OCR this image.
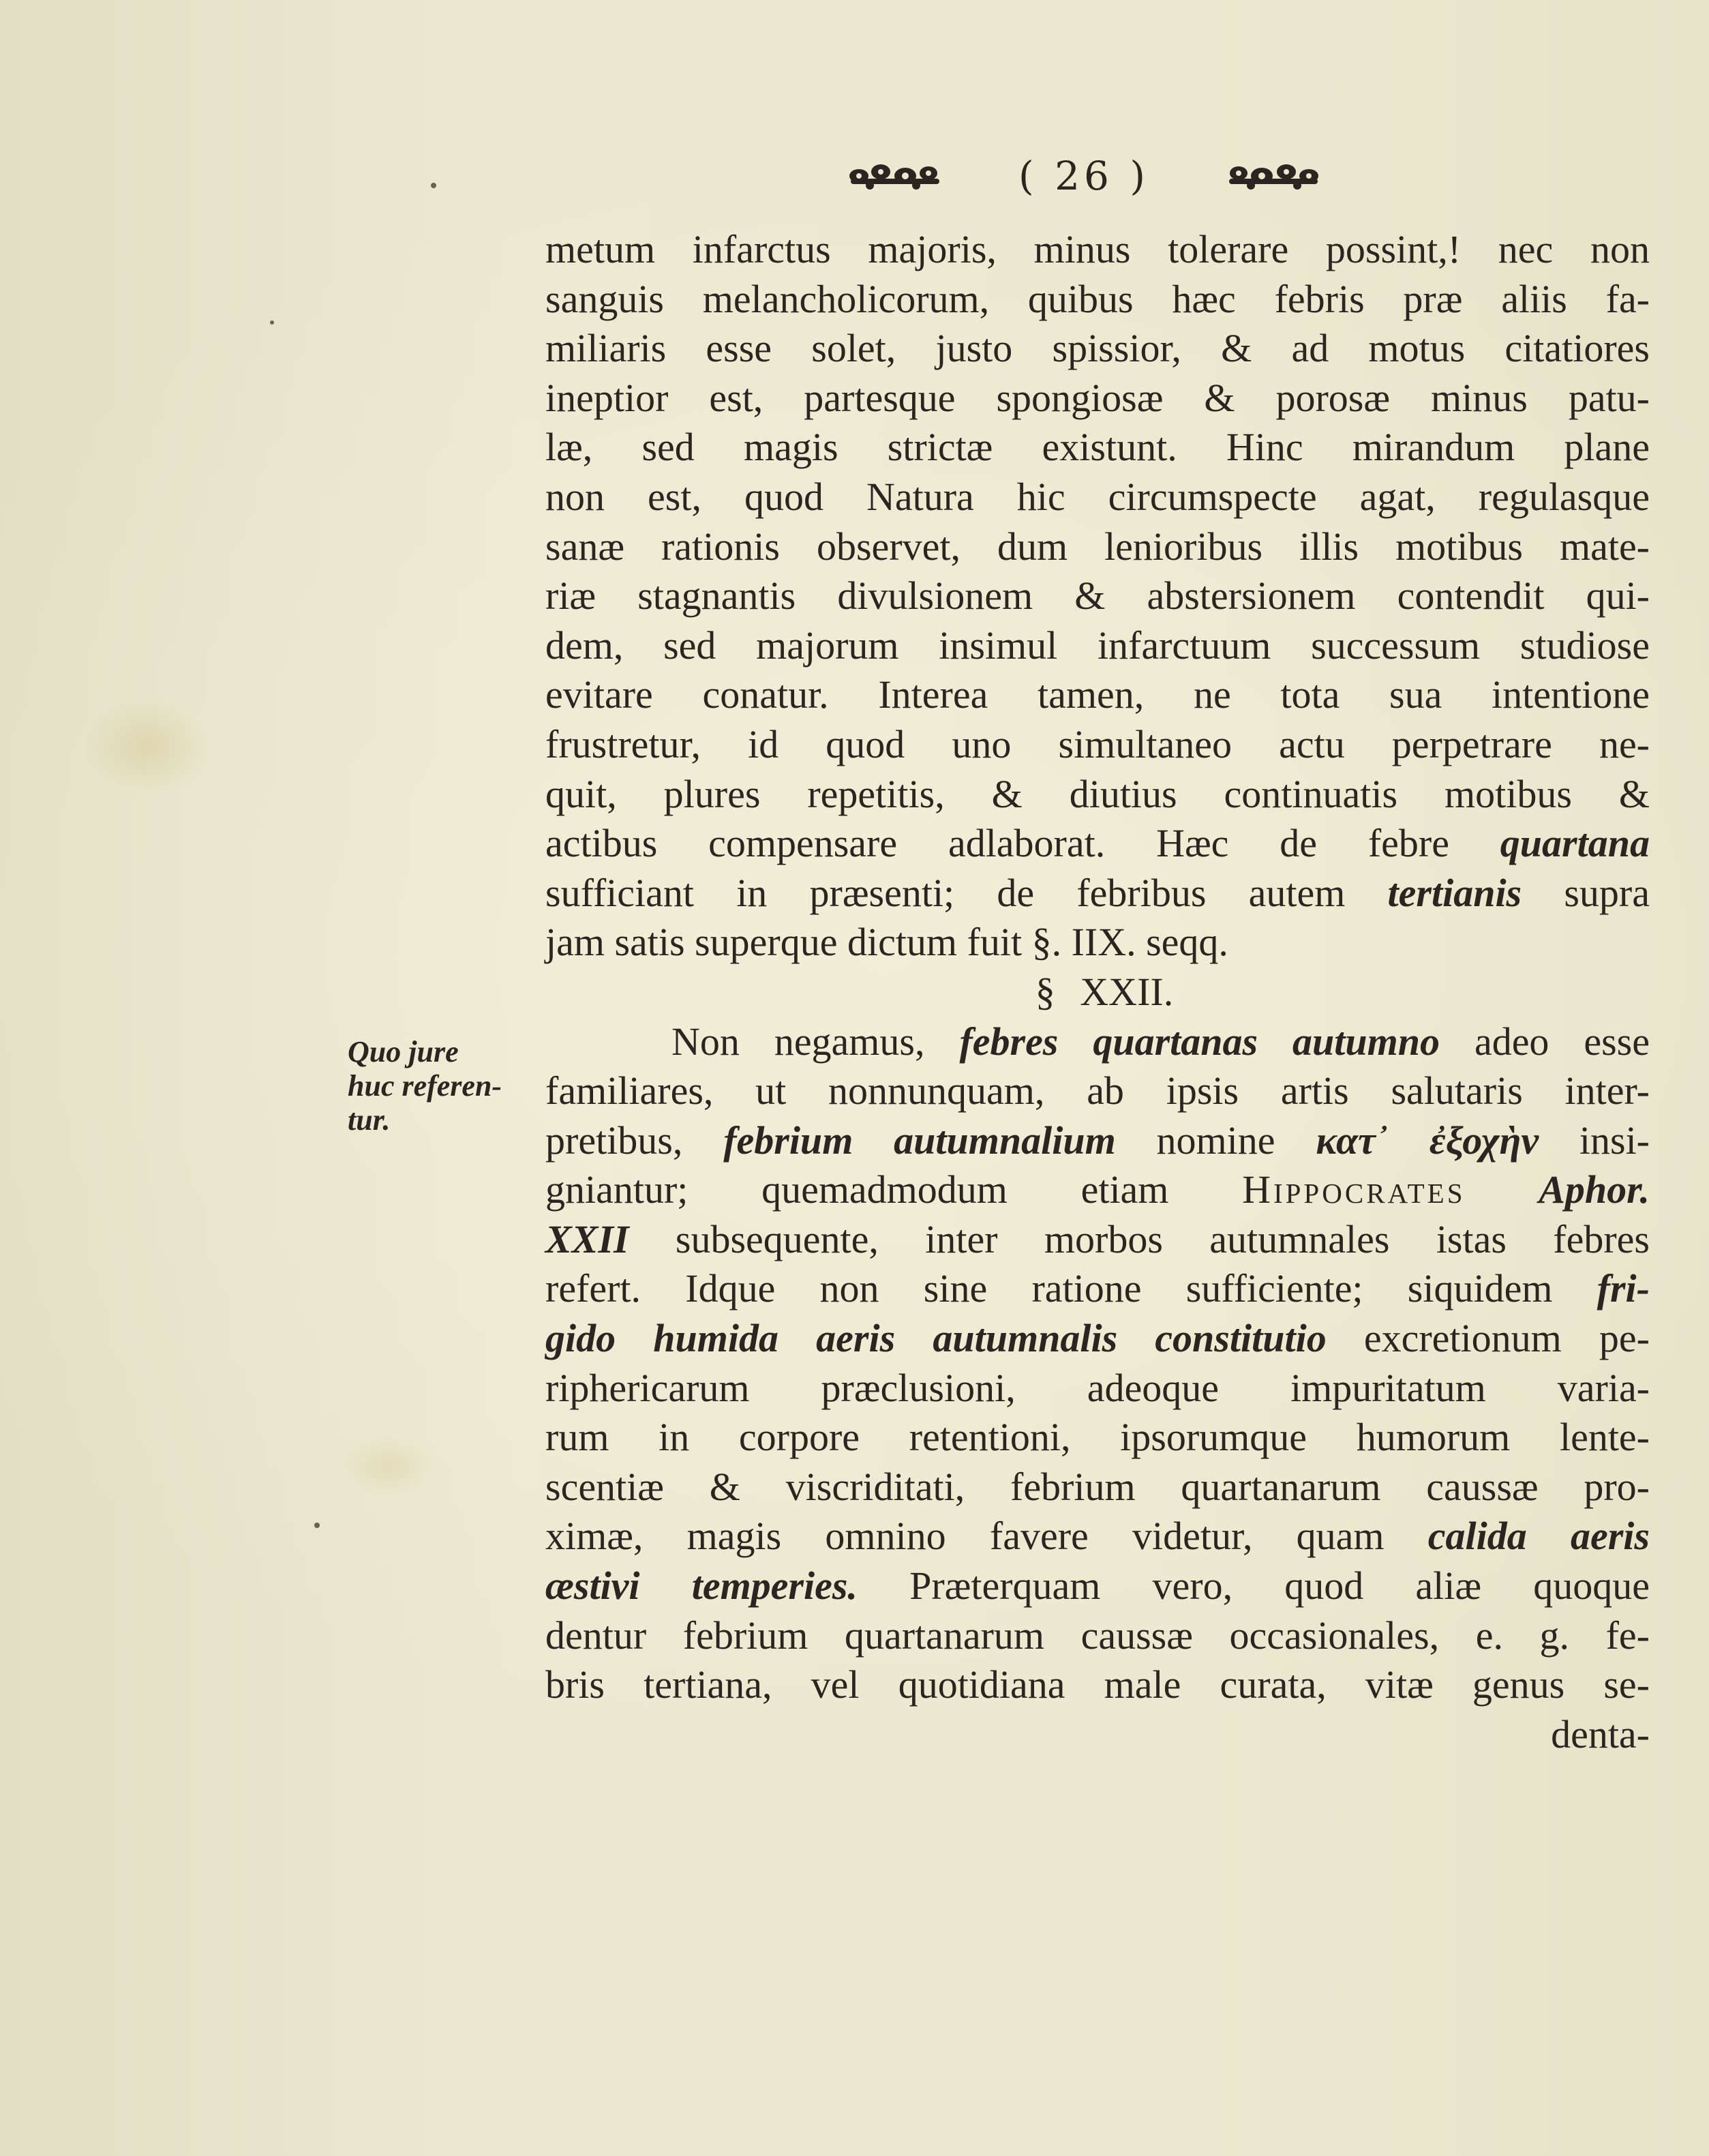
( 26 )
Quo jure
huc referen-
tur.
metum infarctus majoris, minus tolerare possint,! nec non
sanguis melancholicorum, quibus hæc febris præ aliis fa-
miliaris esse solet, justo spissior, & ad motus citatiores
ineptior est, partesque spongiosæ & porosæ minus patu-
læ, sed magis strictæ existunt. Hinc mirandum plane
non est, quod Natura hic circumspecte agat, regulasque
sanæ rationis observet, dum lenioribus illis motibus mate-
riæ stagnantis divulsionem & abstersionem contendit qui-
dem, sed majorum insimul infarctuum successum studiose
evitare conatur. Interea tamen, ne tota sua intentione
frustretur, id quod uno simultaneo actu perpetrare ne-
quit, plures repetitis, & diutius continuatis motibus &
actibus compensare adlaborat. Hæc de febre quartana
sufficiant in præsenti; de febribus autem tertianis supra
jam satis superque dictum fuit §. IIX. seqq.
§ XXII.
Non negamus, febres quartanas autumno adeo esse
familiares, ut nonnunquam, ab ipsis artis salutaris inter-
pretibus, febrium autumnalium nomine κατ᾽ ἐξοχὴν insi-
gniantur; quemadmodum etiam Hippocrates Aphor.
XXII subsequente, inter morbos autumnales istas febres
refert. Idque non sine ratione sufficiente; siquidem fri-
gido humida aeris autumnalis constitutio excretionum pe-
riphericarum præclusioni, adeoque impuritatum varia-
rum in corpore retentioni, ipsorumque humorum lente-
scentiæ & viscriditati, febrium quartanarum caussæ pro-
ximæ, magis omnino favere videtur, quam calida aeris
æstivi temperies. Præterquam vero, quod aliæ quoque
dentur febrium quartanarum caussæ occasionales, e. g. fe-
bris tertiana, vel quotidiana male curata, vitæ genus se-
denta-
